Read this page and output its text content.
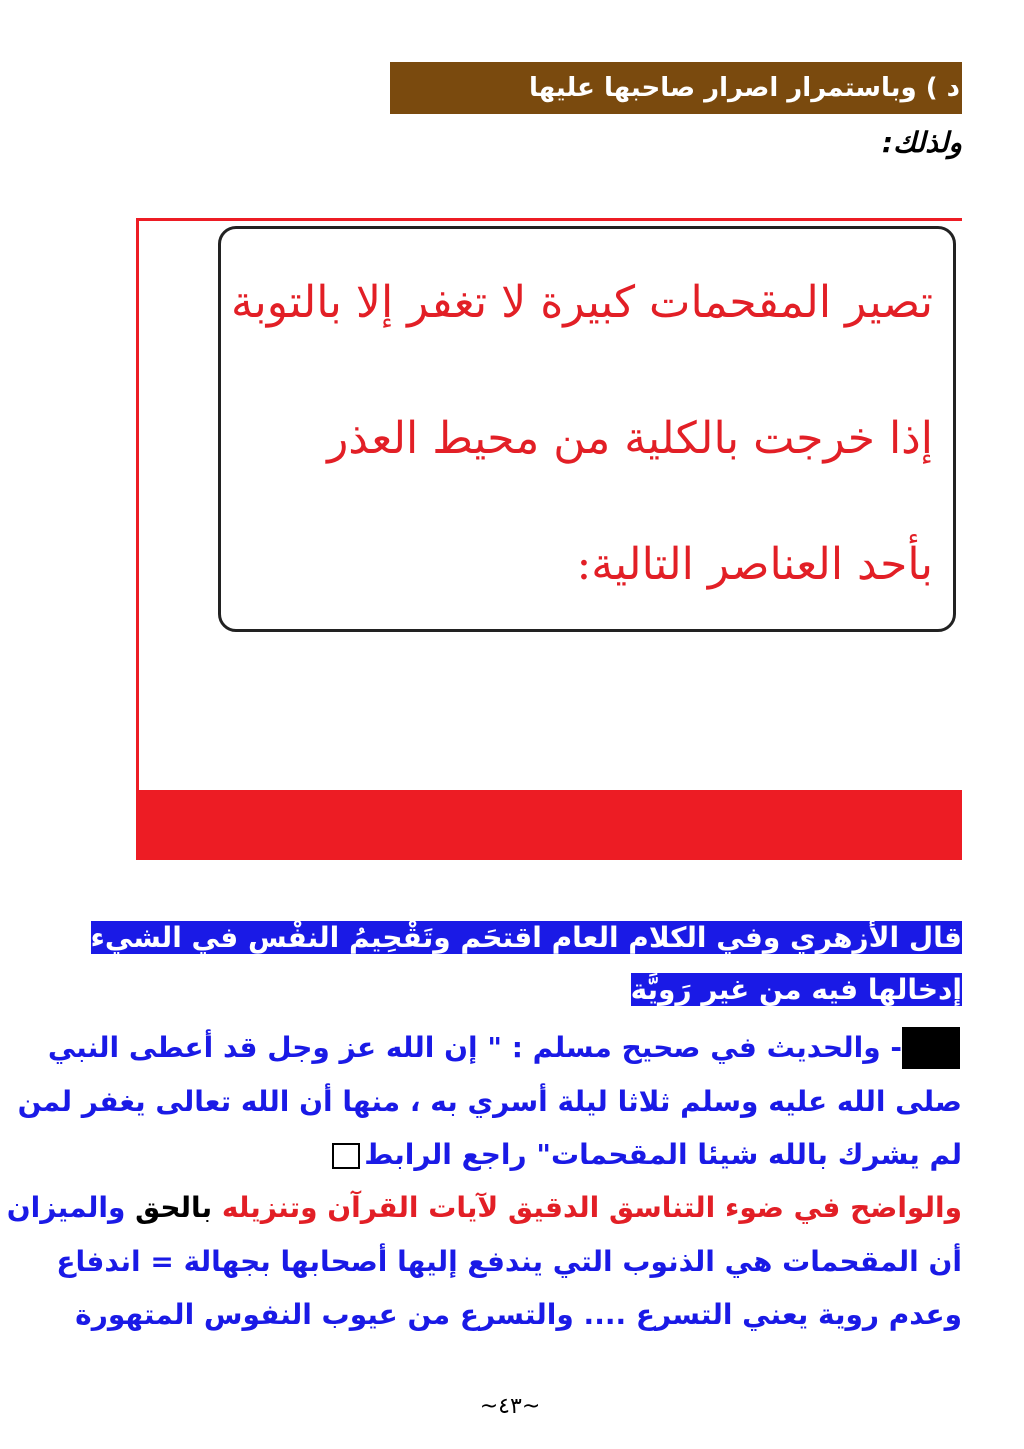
د ) وباستمرار اصرار صاحبها عليها
ولذلك:
تصير المقحمات كبيرة لا تغفر إلا بالتوبة
إذا خرجت بالكلية من محيط العذر
بأحد العناصر التالية:
قال الأزهري وفي الكلام العام اقتحَم وتَقْحِيمُ النفْس في الشيء
إدخالها فيه من غير رَوِيَّة
- والحديث في صحيح مسلم : " إن الله عز وجل قد أعطى النبي
صلى الله عليه وسلم ثلاثا ليلة أسري به ، منها أن الله تعالى يغفر لمن
لم يشرك بالله شيئا المقحمات" راجع الرابط
والواضح في ضوء التناسق الدقيق لآيات القرآن وتنزيله بالحق والميزان
أن المقحمات هي الذنوب التي يندفع إليها أصحابها بجهالة = اندفاع
وعدم روية يعني التسرع .... والتسرع من عيوب النفوس المتهورة
~٤٣~
